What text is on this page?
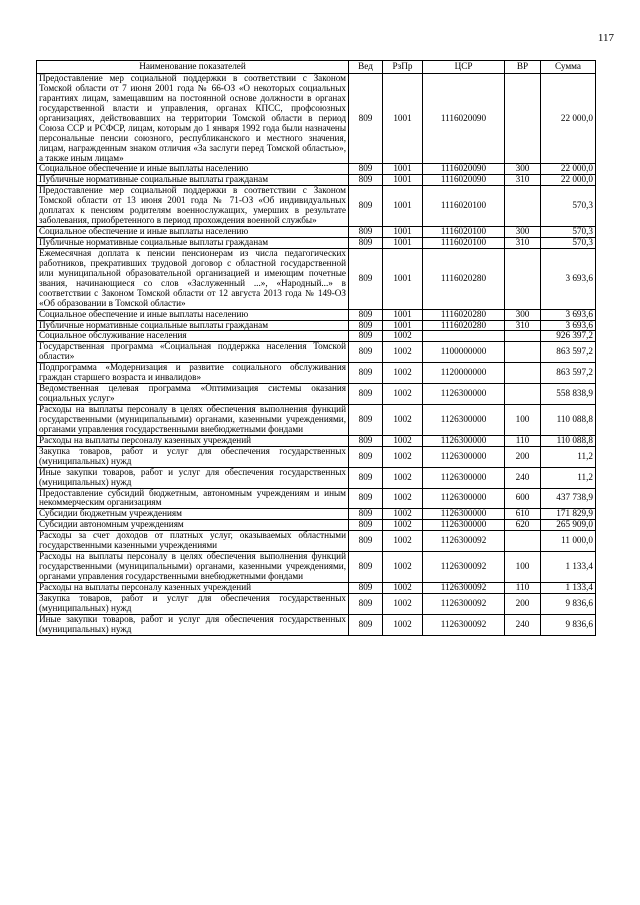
117
Наименование показателей	Вед	РзПр	ЦСР	ВР	Сумма
Предоставление мер социальной поддержки в соответствии с Законом Томской области от 7 июня 2001 года № 66-ОЗ «О некоторых социальных гарантиях лицам, замещавшим на постоянной основе должности в органах государственной власти и управления, органах КПСС, профсоюзных организациях, действовавших на территории Томской области в период Союза ССР и РСФСР, лицам, которым до 1 января 1992 года были назначены персональные пенсии союзного, республиканского и местного значения, лицам, награжденным знаком отличия «За заслуги перед Томской областью», а также иным лицам»	809	1001	1116020090		22 000,0
Социальное обеспечение и иные выплаты населению	809	1001	1116020090	300	22 000,0
Публичные нормативные социальные выплаты гражданам	809	1001	1116020090	310	22 000,0
Предоставление мер социальной поддержки в соответствии с Законом Томской области от 13 июня 2001 года № 71-ОЗ «Об индивидуальных доплатах к пенсиям родителям военнослужащих, умерших в результате заболевания, приобретенного в период прохождения военной службы»	809	1001	1116020100		570,3
Социальное обеспечение и иные выплаты населению	809	1001	1116020100	300	570,3
Публичные нормативные социальные выплаты гражданам	809	1001	1116020100	310	570,3
Ежемесячная доплата к пенсии пенсионерам из числа педагогических работников, прекративших трудовой договор с областной государственной или муниципальной образовательной организацией и имеющим почетные звания, начинающиеся со слов «Заслуженный ...», «Народный...» в соответствии с Законом Томской области от 12 августа 2013 года № 149-ОЗ «Об образовании в Томской области»	809	1001	1116020280		3 693,6
Социальное обеспечение и иные выплаты населению	809	1001	1116020280	300	3 693,6
Публичные нормативные социальные выплаты гражданам	809	1001	1116020280	310	3 693,6
Социальное обслуживание населения	809	1002			926 397,2
Государственная программа «Социальная поддержка населения Томской области»	809	1002	1100000000		863 597,2
Подпрограмма «Модернизация и развитие социального обслуживания граждан старшего возраста и инвалидов»	809	1002	1120000000		863 597,2
Ведомственная целевая программа «Оптимизация системы оказания социальных услуг»	809	1002	1126300000		558 838,9
Расходы на выплаты персоналу в целях обеспечения выполнения функций государственными (муниципальными) органами, казенными учреждениями, органами управления государственными внебюджетными фондами	809	1002	1126300000	100	110 088,8
Расходы на выплаты персоналу казенных учреждений	809	1002	1126300000	110	110 088,8
Закупка товаров, работ и услуг для обеспечения государственных (муниципальных) нужд	809	1002	1126300000	200	11,2
Иные закупки товаров, работ и услуг для обеспечения государственных (муниципальных) нужд	809	1002	1126300000	240	11,2
Предоставление субсидий бюджетным, автономным учреждениям и иным некоммерческим организациям	809	1002	1126300000	600	437 738,9
Субсидии бюджетным учреждениям	809	1002	1126300000	610	171 829,9
Субсидии автономным учреждениям	809	1002	1126300000	620	265 909,0
Расходы за счет доходов от платных услуг, оказываемых областными государственными казенными учреждениями	809	1002	1126300092		11 000,0
Расходы на выплаты персоналу в целях обеспечения выполнения функций государственными (муниципальными) органами, казенными учреждениями, органами управления государственными внебюджетными фондами	809	1002	1126300092	100	1 133,4
Расходы на выплаты персоналу казенных учреждений	809	1002	1126300092	110	1 133,4
Закупка товаров, работ и услуг для обеспечения государственных (муниципальных) нужд	809	1002	1126300092	200	9 836,6
Иные закупки товаров, работ и услуг для обеспечения государственных (муниципальных) нужд	809	1002	1126300092	240	9 836,6
